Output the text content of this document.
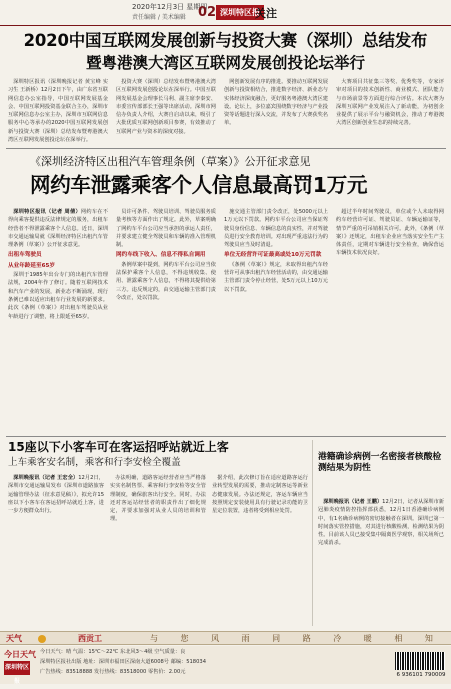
2020年12月3日 星期四
责任编辑 / 美术编辑 02 深圳特区报
关注
2020中国互联网发展创新与投资大赛（深圳）总结发布
暨粤港澳大湾区互联网发展创投论坛举行

深圳特区报讯（深圳晚报记者 黄宝峰 实习生 王新桥）12月2日下午，由广东省互联网信息办公室指导，中国互联网发展基金会、中国互联网投资基金联合主办，深圳市互联网信息办公室主办，深圳市互联网信息服务中心等承办的2020中国互联网发展创新与投资大赛（深圳）总结发布暨粤港澳大湾区互联网发展创投论坛在深举行。

投资大赛（深圳）总结发布暨粤港澳大湾区互联网发展创投论坛在深举行。中国互联网发展基金会理事长马利、副主席李秦安、市委宣传部部长王强等出席活动。深圳市网信办负责人介绍，大赛自启动以来，吸引了大批优质互联网创新项目参赛，有效推动了互联网产业与资本的深度对接。

网创新发展有序的推进。要推动互联网发展创新与投资相结合，推进数字经济、新业态与实体经济深度融合，更好服务粤港澳大湾区建设。论坛上，多位嘉宾围绕数字经济与产业投资等话题进行深入交流，并发布了大赛获奖名单。

大赛项目共征集三等奖、优秀奖等，专家评审对项目的技术创新性、商业模式、团队能力与市场前景等方面进行综合评估。本次大赛为深圳互联网产业发展注入了新动能，为初创企业提供了展示平台与融资机会，推动了粤港澳大湾区创新创业生态的持续完善。

《深圳经济特区出租汽车管理条例（草案）》公开征求意见
网约车泄露乘客个人信息最高罚1万元

深圳特区报讯（记者 周倩）网约车在不得向乘客提供违反法律规定的服务，出租车经营者不得泄露乘客个人信息。近日，深圳市交通运输局就《深圳经济特区出租汽车管理条例（草案）》公开征求意见。

出租车驾驶员
从业年龄延至65岁

深圳于1985年出台专门的出租汽车管理法规，2004年作了修订。随着互联网技术和汽车产业的发展，新业态不断涌现，现行条例已难以适应出租车行业发展的新要求。此次《条例（草案）》对出租车驾驶员从业年龄进行了调整，将上限延至65岁。

员许可条件、驾驶员培训、驾驶员服务质量考核等方面作出了规定。此外，草案明确了网约车平台公司应当承担的承运人责任，并要求建立健全驾驶员和车辆的准入管理机制。

网约车线下收入、信息不得私自调用

条例草案中提到，网约车平台公司应当依法保护乘客个人信息，不得违规收集、使用、泄露乘客个人信息，不得将其提供给第三方。违反规定的，由交通运输主管部门责令改正，处以罚款。

施交通主管部门责令改正，处5000元以上1万元以下罚款。网约车平台公司应当保证驾驶员身份信息、车辆信息的真实性，并对驾驶员进行安全教育培训。对出现严重违法行为的驾驶员应当及时清退。

单位无经营许可证最高或处10万元罚款

《条例（草案）》规定，未取得出租汽车经营许可从事出租汽车经营活动的，由交通运输主管部门责令停止经营，处5万元以上10万元以下罚款。

超过半年时间驾驶员，单位或个人未取得网约车经营许可证、驾驶员证、车辆运输证等，情节严重的可吊销相关许可。此外，《条例（草案）》还规定，出租车企业应当落实安全生产主体责任，定期对车辆进行安全检查，确保营运车辆技术状况良好。

15座以下小客车可在客运招呼站就近上客
上车乘客安名制，乘客和行李安检全覆盖

深圳晚报讯（记者 王宏全）12月2日，深圳市交通运输局发布《深圳市道路旅客运输管理办法（征求意见稿）》，拟允许15座以下小客车在客运招呼站就近上客，进一步方便群众出行。

办法明确，道路客运经营者应当严格落实实名制售票、乘客和行李安检等安全管理制度，确保旅客出行安全。同时，办法还对客运站经营者的职责作出了细化规定，并要求加强对从业人员的培训和管理。

据介绍，此次修订旨在适应道路客运行业转型发展的需要，推动定制客运等新业态健康发展。办法还规定，客运车辆应当按照规定安装使用具有行驶记录功能的卫星定位装置，违者将受到相应处罚。

港籍确诊病例一名密接者核酸检测结果为阴性

深圳晚报讯（记者 王鹏）12月2日，记者从深圳市新冠肺炎疫情防控指挥部获悉，12月1日香港确诊病例中，有1名确诊病例的密切接触者在深圳。深圳已第一时间落实管控措施，对其进行核酸检测，检测结果为阴性。目前该人员已接受集中隔离医学观察，相关场所已完成消杀。

天气	西贡工	与 您 风 雨 同 路 冷 暖 相 知
今日天气
深圳特区报
今日天气：晴 气温：15℃～22℃ 东北风3～4级 空气质量：良
深圳特区报社出版 地址：深圳市福田区深南大道6008号 邮编：518034
广告热线：83518888 发行热线：83518000 零售价：2.00元	6 936101 790009
